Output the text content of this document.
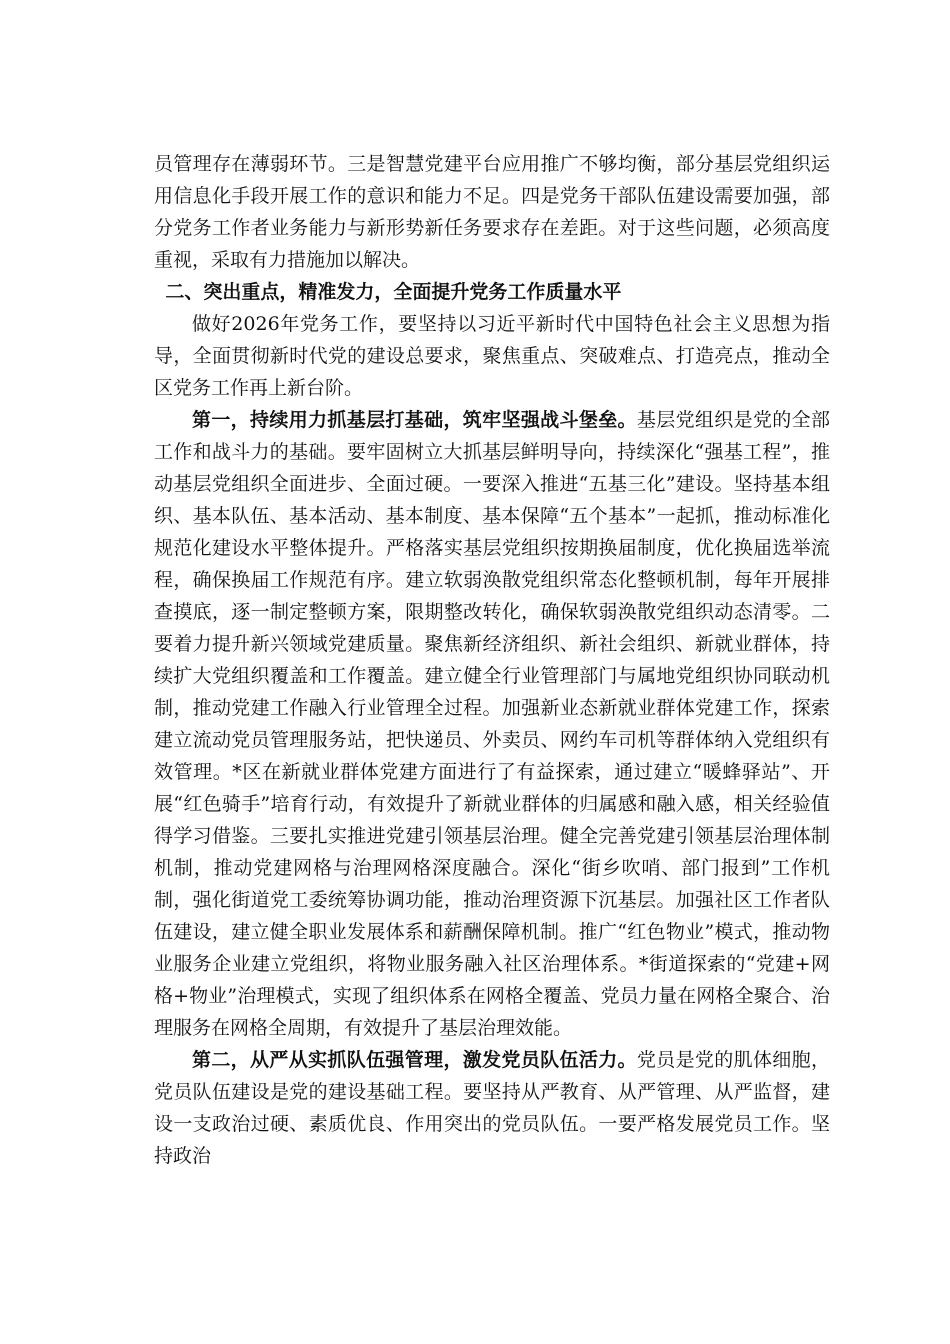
员管理存在薄弱环节。三是智慧党建平台应用推广不够均衡，部分基层党组织运用信息化手段开展工作的意识和能力不足。四是党务干部队伍建设需要加强，部分党务工作者业务能力与新形势新任务要求存在差距。对于这些问题，必须高度重视，采取有力措施加以解决。

二、突出重点，精准发力，全面提升党务工作质量水平

做好2026年党务工作，要坚持以习近平新时代中国特色社会主义思想为指导，全面贯彻新时代党的建设总要求，聚焦重点、突破难点、打造亮点，推动全区党务工作再上新台阶。

第一，持续用力抓基层打基础，筑牢坚强战斗堡垒。基层党组织是党的全部工作和战斗力的基础。要牢固树立大抓基层鲜明导向，持续深化“强基工程”，推动基层党组织全面进步、全面过硬。一要深入推进“五基三化”建设。坚持基本组织、基本队伍、基本活动、基本制度、基本保障“五个基本”一起抓，推动标准化规范化建设水平整体提升。严格落实基层党组织按期换届制度，优化换届选举流程，确保换届工作规范有序。建立软弱涣散党组织常态化整顿机制，每年开展排查摸底，逐一制定整顿方案，限期整改转化，确保软弱涣散党组织动态清零。二要着力提升新兴领域党建质量。聚焦新经济组织、新社会组织、新就业群体，持续扩大党组织覆盖和工作覆盖。建立健全行业管理部门与属地党组织协同联动机制，推动党建工作融入行业管理全过程。加强新业态新就业群体党建工作，探索建立流动党员管理服务站，把快递员、外卖员、网约车司机等群体纳入党组织有效管理。*区在新就业群体党建方面进行了有益探索，通过建立“暖蜂驿站”、开展“红色骑手”培育行动，有效提升了新就业群体的归属感和融入感，相关经验值得学习借鉴。三要扎实推进党建引领基层治理。健全完善党建引领基层治理体制机制，推动党建网格与治理网格深度融合。深化“街乡吹哨、部门报到”工作机制，强化街道党工委统筹协调功能，推动治理资源下沉基层。加强社区工作者队伍建设，建立健全职业发展体系和薪酬保障机制。推广“红色物业”模式，推动物业服务企业建立党组织，将物业服务融入社区治理体系。*街道探索的“党建+网格+物业”治理模式，实现了组织体系在网格全覆盖、党员力量在网格全聚合、治理服务在网格全周期，有效提升了基层治理效能。

第二，从严从实抓队伍强管理，激发党员队伍活力。党员是党的肌体细胞，党员队伍建设是党的建设基础工程。要坚持从严教育、从严管理、从严监督，建设一支政治过硬、素质优良、作用突出的党员队伍。一要严格发展党员工作。坚持政治
